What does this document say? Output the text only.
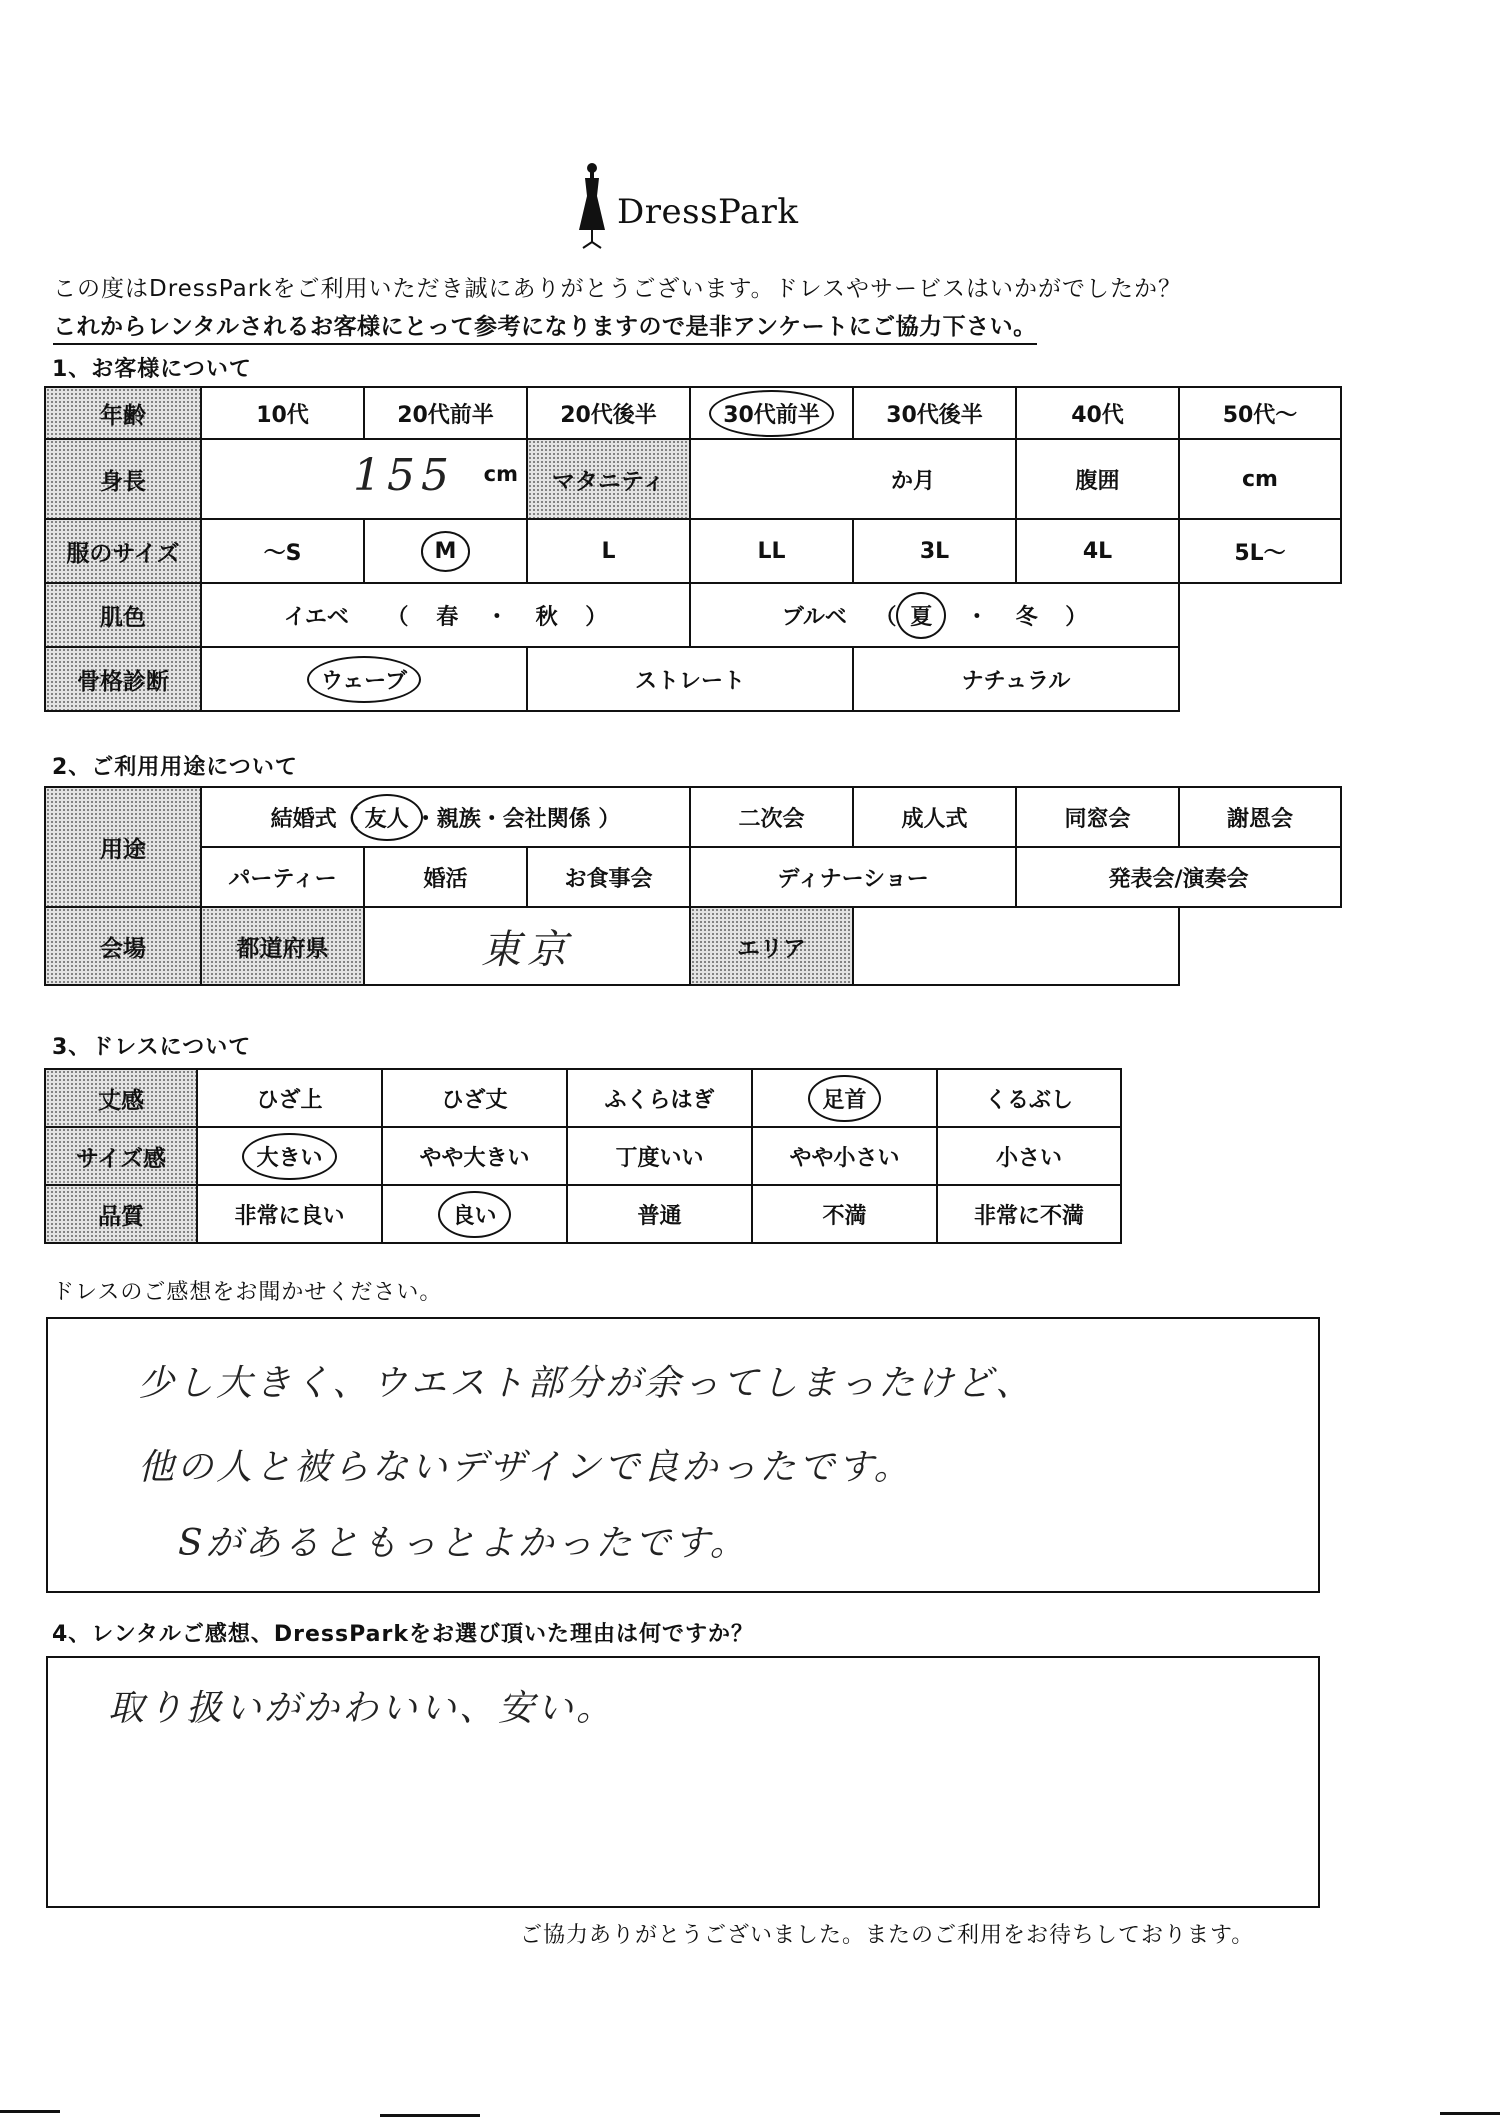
DressPark
この度はDressParkをご利用いただき誠にありがとうございます。ドレスやサービスはいかがでしたか？
これからレンタルされるお客様にとって参考になりますので是非アンケートにご協力下さい。
1、お客様について
年齢	10代	20代前半	20代後半	30代前半	30代後半	40代	50代～
身長	155 cm		マタニティ	か月		腹囲	cm
服のサイズ	～S	M	L	LL	3L	4L	5L～
肌色	イエベ （ 春 ・ 秋 ）			ブルベ （ 夏 ・ 冬 ）			
骨格診断	ウェーブ		ストレート		ナチュラル		
2、ご利用用途について
用途	結婚式（ 友人 ・親族・会社関係 ）			二次会	成人式	同窓会	謝恩会
	パーティー	婚活	お食事会	ディナーショー		発表会/演奏会	
会場	都道府県	東京		エリア			
3、ドレスについて
丈感	ひざ上	ひざ丈	ふくらはぎ	足首	くるぶし
サイズ感	大きい	やや大きい	丁度いい	やや小さい	小さい
品質	非常に良い	良い	普通	不満	非常に不満
ドレスのご感想をお聞かせください。
少し大きく、ウエスト部分が余ってしまったけど、
他の人と被らないデザインで良かったです。
Sがあるともっとよかったです。
4、レンタルご感想、DressParkをお選び頂いた理由は何ですか？
取り扱いがかわいい、安い。
ご協力ありがとうございました。またのご利用をお待ちしております。
